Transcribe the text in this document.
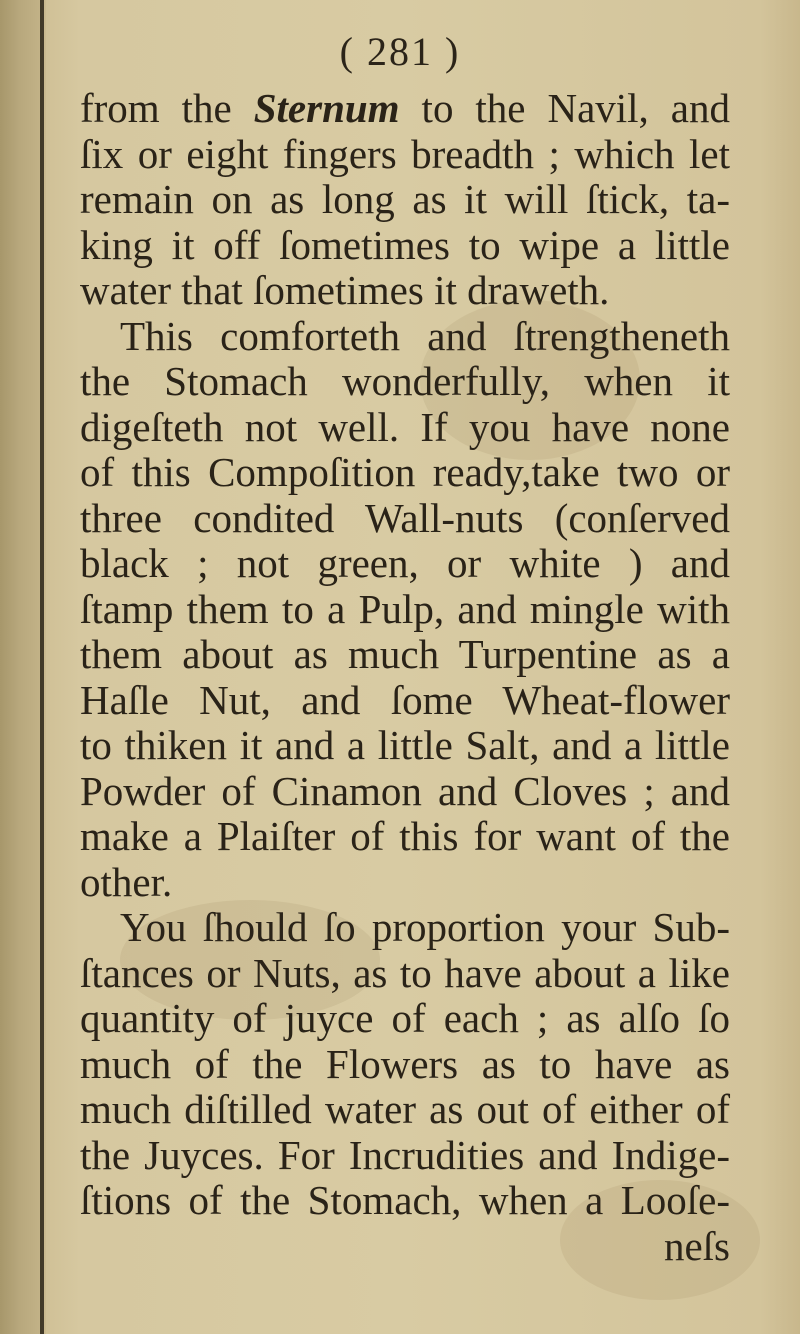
( 281 )
from the Sternum to the Navil, and
ſix or eight fingers breadth ; which let
remain on as long as it will ſtick, ta-
king it off ſometimes to wipe a little
water that ſometimes it draweth.
This comforteth and ſtrengtheneth
the Stomach wonderfully, when it
digeſteth not well. If you have none
of this Compoſition ready,take two or
three condited Wall-nuts (conſerved
black ; not green, or white ) and
ſtamp them to a Pulp, and mingle with
them about as much Turpentine as a
Haſle Nut, and ſome Wheat-flower
to thiken it and a little Salt, and a little
Powder of Cinamon and Cloves ; and
make a Plaiſter of this for want of the
other.
You ſhould ſo proportion your Sub-
ſtances or Nuts, as to have about a like
quantity of juyce of each ; as alſo ſo
much of the Flowers as to have as
much diſtilled water as out of either of
the Juyces. For Incrudities and Indige-
ſtions of the Stomach, when a Looſe-
neſs
